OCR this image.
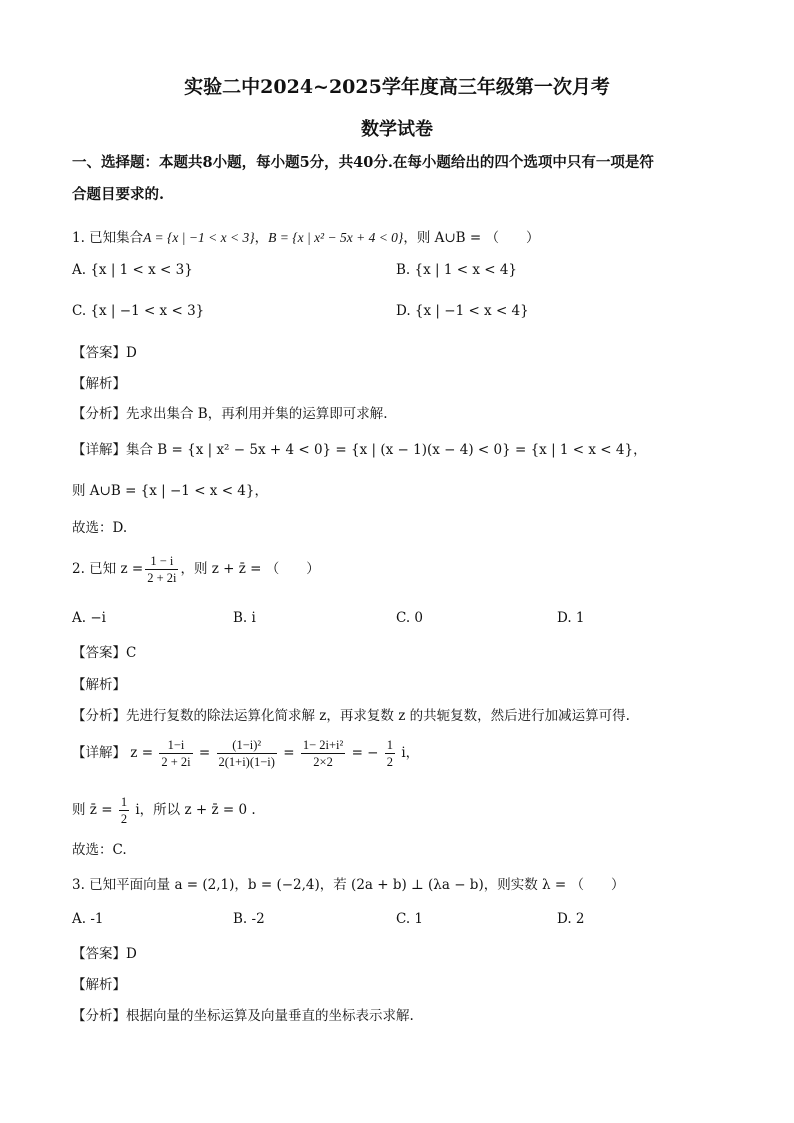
实验二中2024~2025学年度高三年级第一次月考
数学试卷
一、选择题：本题共8小题，每小题5分，共40分.在每小题给出的四个选项中只有一项是符
合题目要求的.
1. 已知集合A = {x | −1 < x < 3}，B = {x | x² − 5x + 4 < 0}，则 A∪B = （　　）
A. {x | 1 < x < 3}	B. {x | 1 < x < 4}
C. {x | −1 < x < 3}	D. {x | −1 < x < 4}
【答案】D
【解析】
【分析】先求出集合 B，再利用并集的运算即可求解.
【详解】集合 B = {x | x² − 5x + 4 < 0} = {x | (x − 1)(x − 4) < 0} = {x | 1 < x < 4}，
则 A∪B = {x | −1 < x < 4}，
故选：D.
2. 已知 $z = \frac{1 - i}{2 + 2i}$ ，则 z + z̄ = （　　）
A. −i	B. i	C. 0	D. 1
【答案】C
【解析】
【分析】先进行复数的除法运算化简求解 z，再求复数 z 的共轭复数，然后进行加减运算可得.
【详解】 $z = \frac{1-i}{2 + 2i} = \frac{\text{(1−i)²}}{2(1+i)(1-i)} = \frac{\text{1− 2i+i²}}{2\times 2}$ = − $\frac{1}{2}$ i，
则 z̄ = $\frac{1}{2}$ i，所以 z + z̄ = 0 .
故选：C.
3. 已知平面向量 a = (2,1)，b = (−2,4)，若 (2a + b) ⊥ (λa − b)，则实数 λ = （　　）
A. -1	B. -2	C. 1	D. 2
【答案】D
【解析】
【分析】根据向量的坐标运算及向量垂直的坐标表示求解.
